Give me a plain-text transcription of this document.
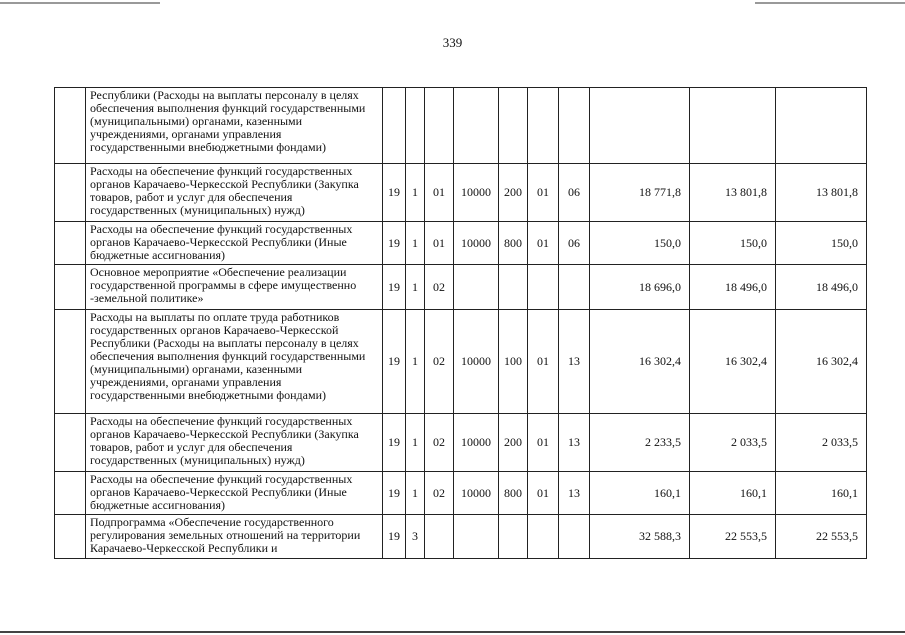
339
	Республики (Расходы на выплаты персоналу в целях обеспечения выполнения функций государственными (муниципальными) органами, казенными учреждениями, органами управления государственными внебюджетными фондами)										
	Расходы на обеспечение функций государственных органов Карачаево-Черкесской Республики (Закупка товаров, работ и услуг для обеспечения государственных (муниципальных) нужд)	19	1	01	10000	200	01	06	18 771,8	13 801,8	13 801,8
	Расходы на обеспечение функций государственных органов Карачаево-Черкесской Республики (Иные бюджетные ассигнования)	19	1	01	10000	800	01	06	150,0	150,0	150,0
	Основное мероприятие «Обеспечение реализации государственной программы в сфере имущественно -земельной политике»	19	1	02					18 696,0	18 496,0	18 496,0
	Расходы на выплаты по оплате труда работников государственных органов Карачаево-Черкесской Республики (Расходы на выплаты персоналу в целях обеспечения выполнения функций государственными (муниципальными) органами, казенными учреждениями, органами управления государственными внебюджетными фондами)	19	1	02	10000	100	01	13	16 302,4	16 302,4	16 302,4
	Расходы на обеспечение функций государственных органов Карачаево-Черкесской Республики (Закупка товаров, работ и услуг для обеспечения государственных (муниципальных) нужд)	19	1	02	10000	200	01	13	2 233,5	2 033,5	2 033,5
	Расходы на обеспечение функций государственных органов Карачаево-Черкесской Республики (Иные бюджетные ассигнования)	19	1	02	10000	800	01	13	160,1	160,1	160,1
	Подпрограмма «Обеспечение государственного регулирования земельных отношений на территории Карачаево-Черкесской Республики и	19	3						32 588,3	22 553,5	22 553,5
